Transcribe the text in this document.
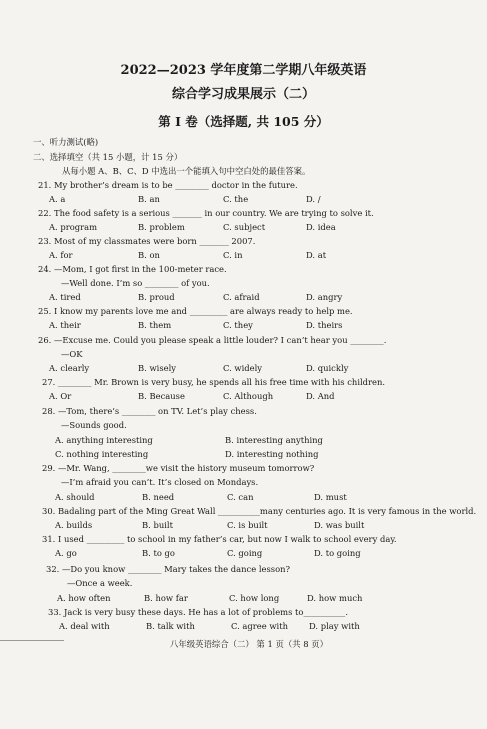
2022—2023 学年度第二学期八年级英语
综合学习成果展示（二）
第 I 卷（选择题, 共 105 分）
一、听力测试(略)
二、选择填空（共 15 小题，计 15 分）
从每小题 A、B、C、D 中选出一个能填入句中空白处的最佳答案。
21. My brother’s dream is to be ________ doctor in the future.
A. a	B. an	C. the	D. /
22. The food safety is a serious _______ in our country. We are trying to solve it.
A. program	B. problem	C. subject	D. idea
23. Most of my classmates were born _______ 2007.
A. for	B. on	C. in	D. at
24. —Mom, I got first in the 100-meter race.
—Well done. I’m so ________ of you.
A. tired	B. proud	C. afraid	D. angry
25. I know my parents love me and _________ are always ready to help me.
A. their	B. them	C. they	D. theirs
26. —Excuse me. Could you please speak a little louder? I can’t hear you ________.
—OK
A. clearly	B. wisely	C. widely	D. quickly
27. ________ Mr. Brown is very busy, he spends all his free time with his children.
A. Or	B. Because	C. Although	D. And
28. —Tom, there’s ________ on TV. Let’s play chess.
—Sounds good.
A. anything interesting	B. interesting anything
C. nothing interesting	D. interesting nothing
29. —Mr. Wang, ________we visit the history museum tomorrow?
—I’m afraid you can’t. It’s closed on Mondays.
A. should	B. need	C. can	D. must
30. Badaling part of the Ming Great Wall __________many centuries ago. It is very famous in the world.
A. builds	B. built	C. is built	D. was built
31. I used _________ to school in my father’s car, but now I walk to school every day.
A. go	B. to go	C. going	D. to going
32. —Do you know ________ Mary takes the dance lesson?
—Once a week.
A. how often	B. how far	C. how long	D. how much
33. Jack is very busy these days. He has a lot of problems to__________.
A. deal with	B. talk with	C. agree with	D. play with
八年级英语综合（二） 第 1 页（共 8 页）
